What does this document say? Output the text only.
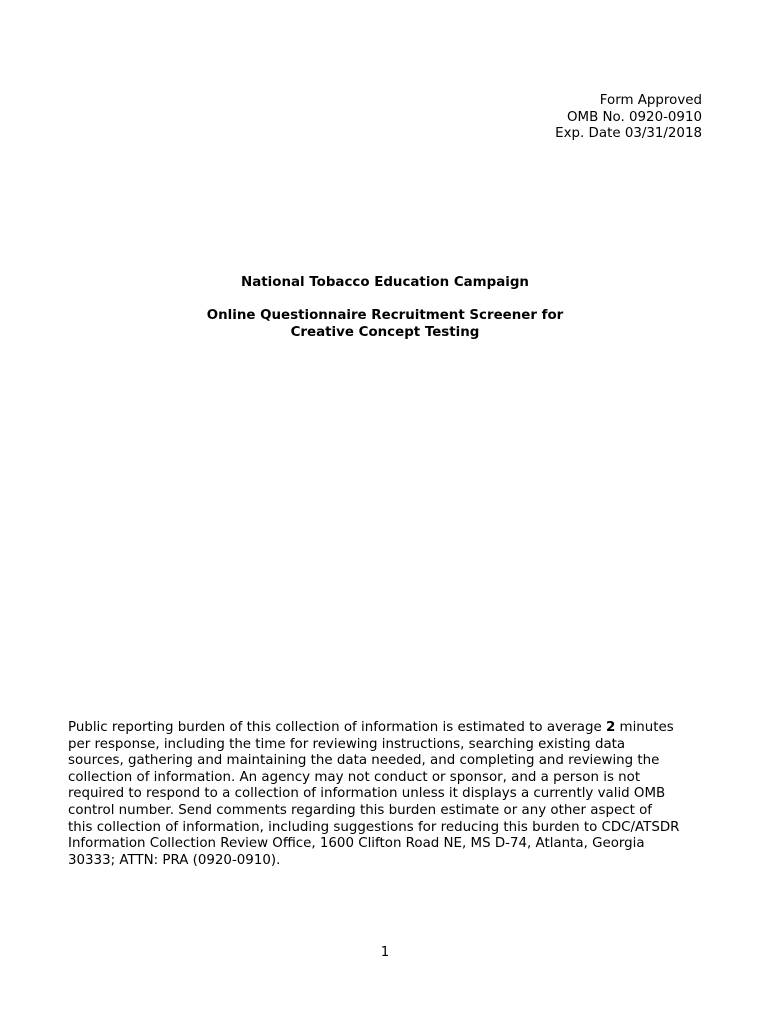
Form Approved
OMB No. 0920-0910
Exp. Date 03/31/2018
National Tobacco Education Campaign
Online Questionnaire Recruitment Screener for
Creative Concept Testing
Public reporting burden of this collection of information is estimated to average 2 minutes
per response, including the time for reviewing instructions, searching existing data
sources, gathering and maintaining the data needed, and completing and reviewing the
collection of information. An agency may not conduct or sponsor, and a person is not
required to respond to a collection of information unless it displays a currently valid OMB
control number. Send comments regarding this burden estimate or any other aspect of
this collection of information, including suggestions for reducing this burden to CDC/ATSDR
Information Collection Review Office, 1600 Clifton Road NE, MS D-74, Atlanta, Georgia
30333; ATTN: PRA (0920-0910).
1
